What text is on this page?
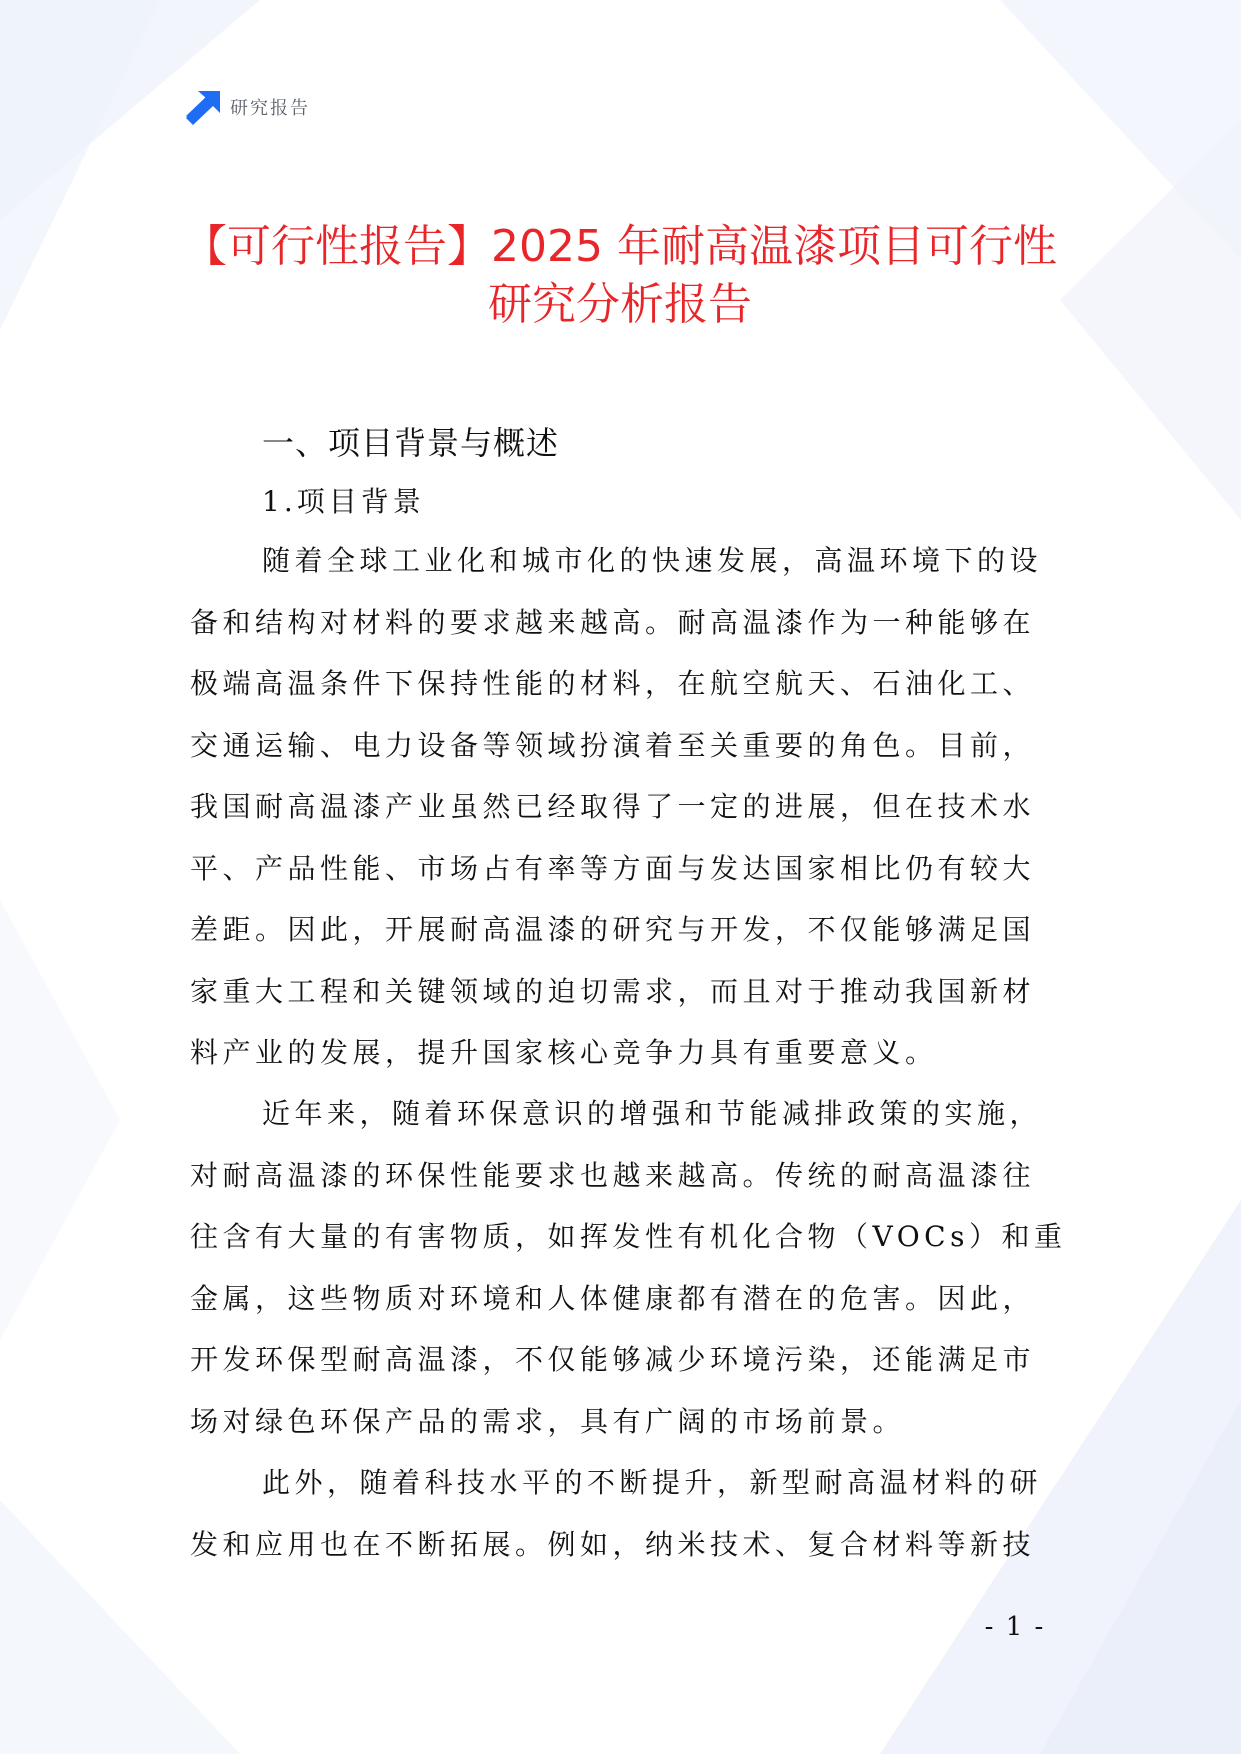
研究报告
【可行性报告】2025 年耐高温漆项目可行性
研究分析报告
一、项目背景与概述
1.项目背景
随着全球工业化和城市化的快速发展，高温环境下的设
备和结构对材料的要求越来越高。耐高温漆作为一种能够在
极端高温条件下保持性能的材料，在航空航天、石油化工、
交通运输、电力设备等领域扮演着至关重要的角色。目前，
我国耐高温漆产业虽然已经取得了一定的进展，但在技术水
平、产品性能、市场占有率等方面与发达国家相比仍有较大
差距。因此，开展耐高温漆的研究与开发，不仅能够满足国
家重大工程和关键领域的迫切需求，而且对于推动我国新材
料产业的发展，提升国家核心竞争力具有重要意义。
近年来，随着环保意识的增强和节能减排政策的实施，
对耐高温漆的环保性能要求也越来越高。传统的耐高温漆往
往含有大量的有害物质，如挥发性有机化合物（VOCs）和重
金属，这些物质对环境和人体健康都有潜在的危害。因此，
开发环保型耐高温漆，不仅能够减少环境污染，还能满足市
场对绿色环保产品的需求，具有广阔的市场前景。
此外，随着科技水平的不断提升，新型耐高温材料的研
发和应用也在不断拓展。例如，纳米技术、复合材料等新技
- 1 -
